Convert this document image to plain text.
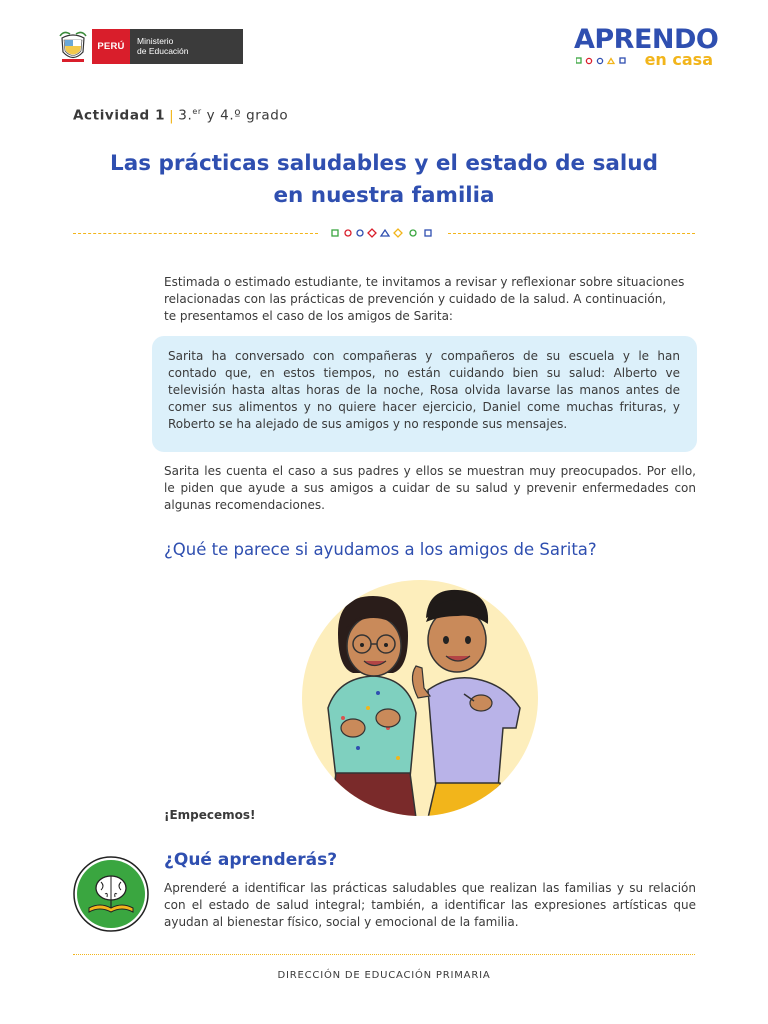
PERÚ	Ministerio
de Educación	APRENDO
en casa
Actividad 1 | 3.$^{er}$ y 4.º grado
Las prácticas saludables y el estado de salud
en nuestra familia
Estimada o estimado estudiante, te invitamos a revisar y reflexionar sobre situaciones
relacionadas con las prácticas de prevención y cuidado de la salud. A continuación,
te presentamos el caso de los amigos de Sarita:
Sarita ha conversado con compañeras y compañeros de su escuela y le han
contado que, en estos tiempos, no están cuidando bien su salud: Alberto ve
televisión hasta altas horas de la noche, Rosa olvida lavarse las manos antes de
comer sus alimentos y no quiere hacer ejercicio, Daniel come muchas frituras, y
Roberto se ha alejado de sus amigos y no responde sus mensajes.
Sarita les cuenta el caso a sus padres y ellos se muestran muy preocupados. Por ello,
le piden que ayude a sus amigos a cuidar de su salud y prevenir enfermedades con
algunas recomendaciones.
¿Qué te parece si ayudamos a los amigos de Sarita?
¡Empecemos!
¿Qué aprenderás?
Aprenderé a identificar las prácticas saludables que realizan las familias y su relación
con el estado de salud integral; también, a identificar las expresiones artísticas que
ayudan al bienestar físico, social y emocional de la familia.
DIRECCIÓN DE EDUCACIÓN PRIMARIA
